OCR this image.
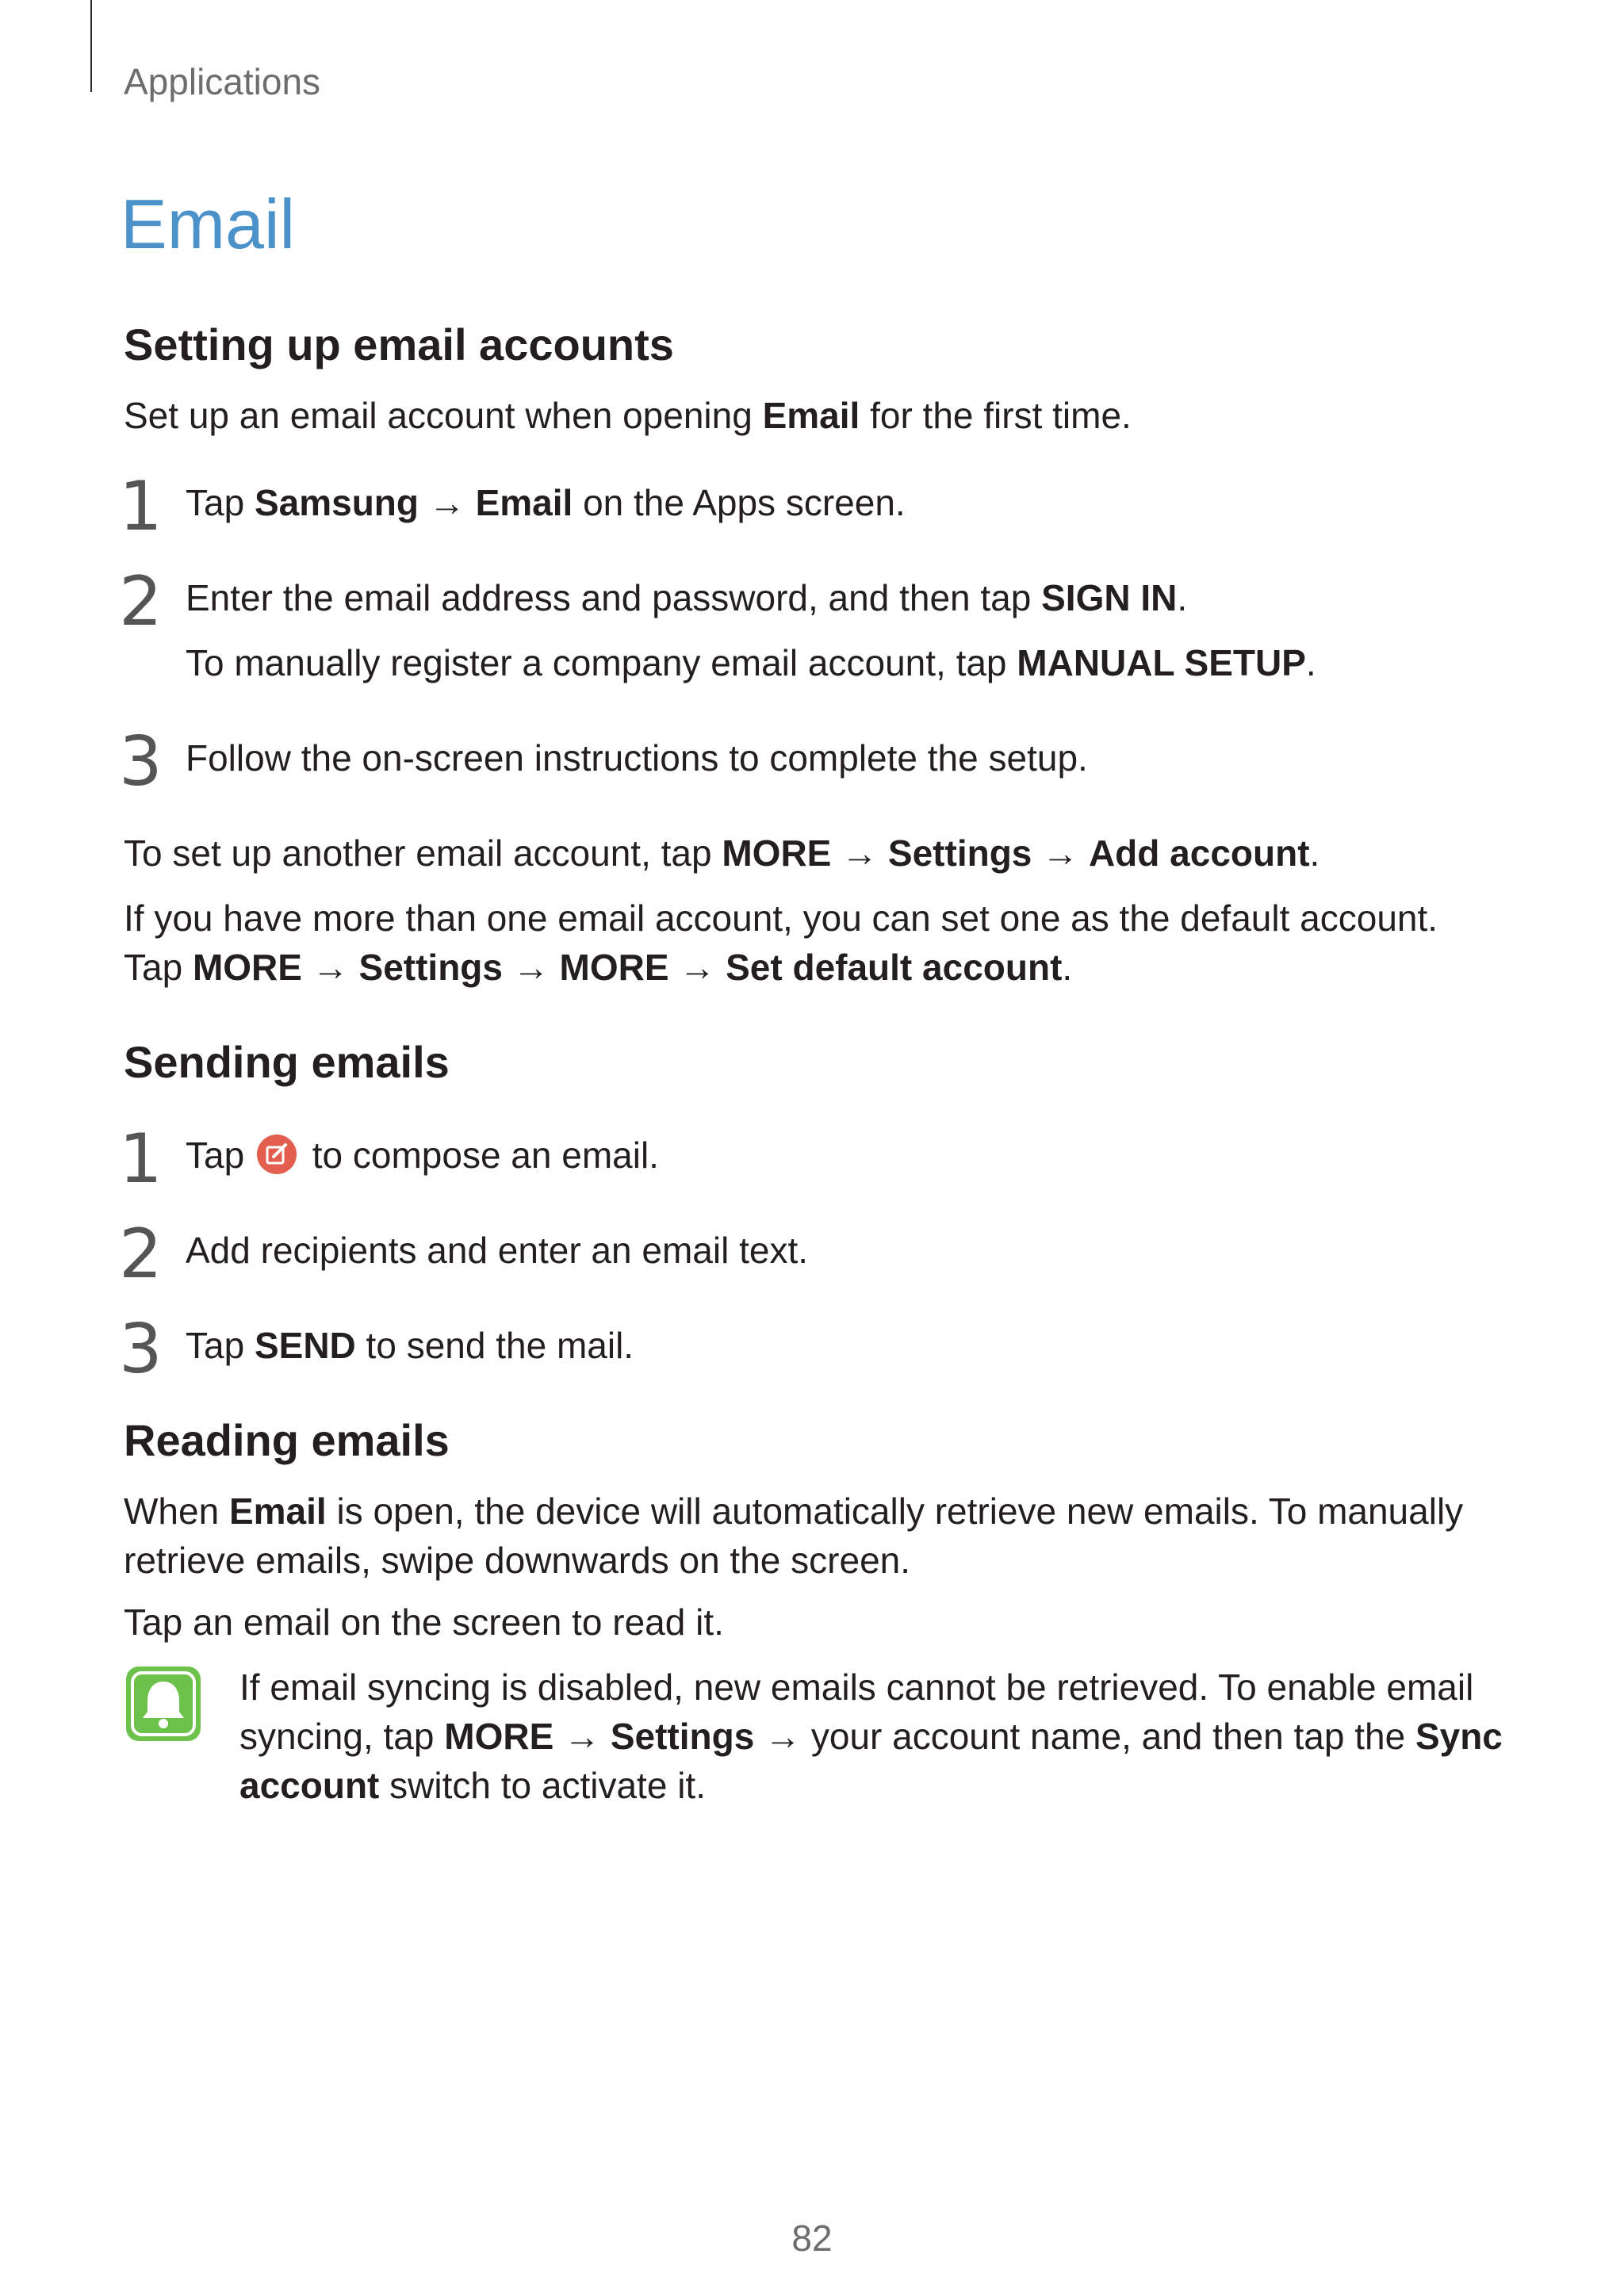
Applications

Email
Setting up email accounts

Set up an email account when opening Email for the first time.

1 Tap Samsung → Email on the Apps screen.

2 Enter the email address and password, and then tap SIGN IN.

To manually register a company email account, tap MANUAL SETUP.

3 Follow the on-screen instructions to complete the setup.

To set up another email account, tap MORE → Settings → Add account.

If you have more than one email account, you can set one as the default account. Tap MORE → Settings → MORE → Set default account.

Sending emails
1 Tap  to compose an email.

2 Add recipients and enter an email text.

3 Tap SEND to send the mail.

Reading emails

When Email is open, the device will automatically retrieve new emails. To manually retrieve emails, swipe downwards on the screen.

Tap an email on the screen to read it.

If email syncing is disabled, new emails cannot be retrieved. To enable email syncing, tap MORE → Settings → your account name, and then tap the Sync account switch to activate it.

82
